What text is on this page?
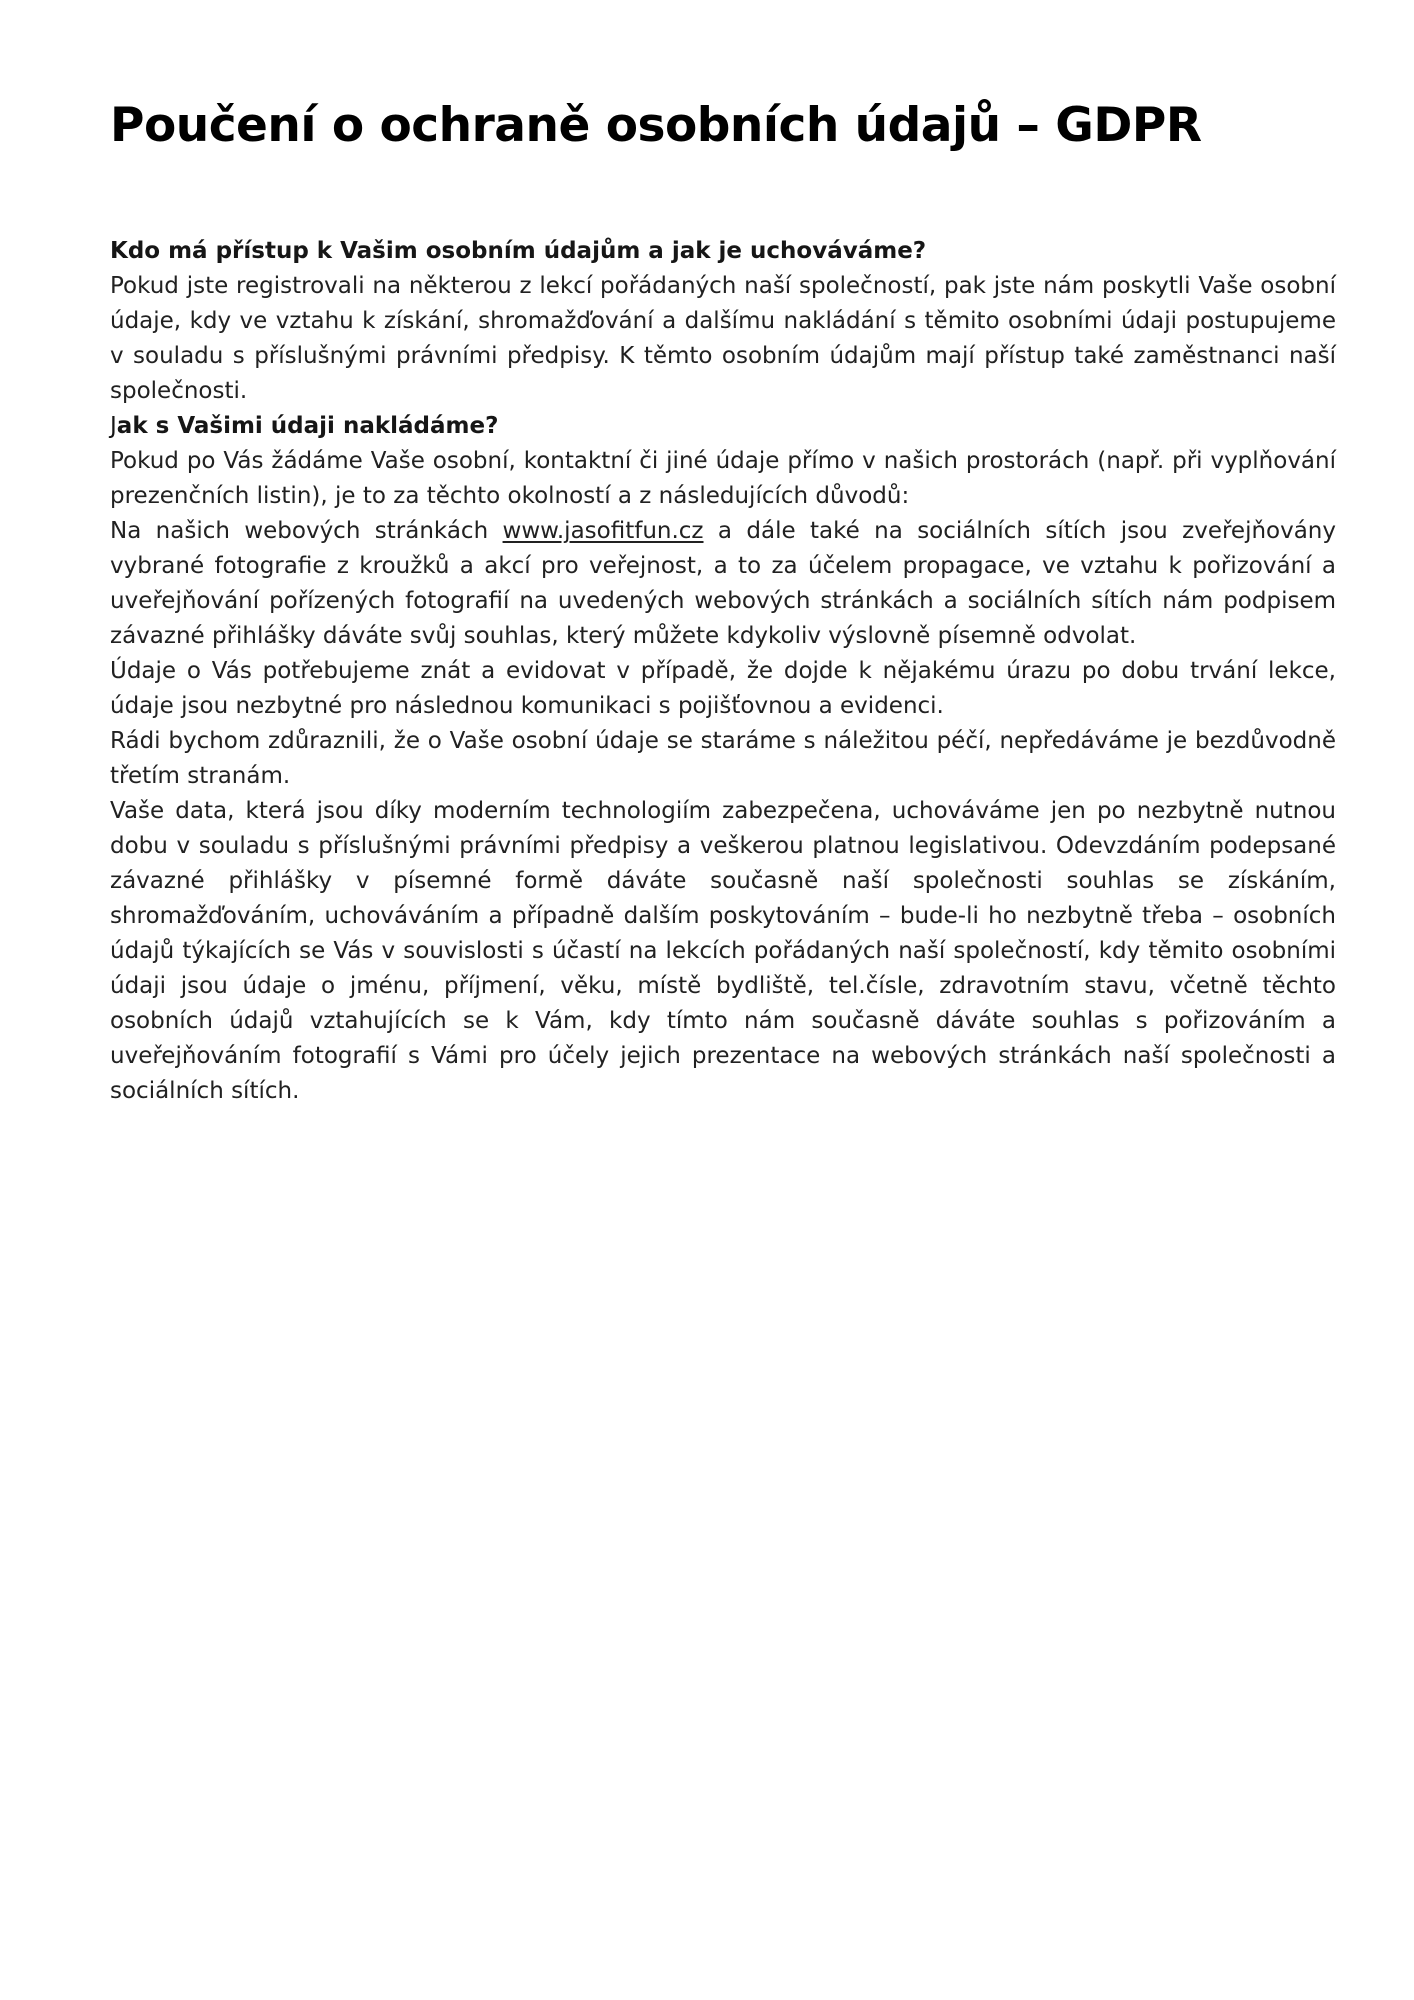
Poučení o ochraně osobních údajů – GDPR

Kdo má přístup k Vašim osobním údajům a jak je uchováváme?

Pokud jste registrovali na některou z lekcí pořádaných naší společností, pak jste nám poskytli Vaše osobní údaje, kdy ve vztahu k získání, shromažďování a dalšímu nakládání s těmito osobními údaji postupujeme v souladu s příslušnými právními předpisy. K těmto osobním údajům mají přístup také zaměstnanci naší společnosti.

Jak s Vašimi údaji nakládáme?

Pokud po Vás žádáme Vaše osobní, kontaktní či jiné údaje přímo v našich prostorách (např. při vyplňování prezenčních listin), je to za těchto okolností a z následujících důvodů:

Na našich webových stránkách www.jasofitfun.cz a dále také na sociálních sítích jsou zveřejňovány vybrané fotografie z kroužků a akcí pro veřejnost, a to za účelem propagace, ve vztahu k pořizování a uveřejňování pořízených fotografií na uvedených webových stránkách a sociálních sítích nám podpisem závazné přihlášky dáváte svůj souhlas, který můžete kdykoliv výslovně písemně odvolat.

Údaje o Vás potřebujeme znát a evidovat v případě, že dojde k nějakému úrazu po dobu trvání lekce, údaje jsou nezbytné pro následnou komunikaci s pojišťovnou a evidenci.

Rádi bychom zdůraznili, že o Vaše osobní údaje se staráme s náležitou péčí, nepředáváme je bezdůvodně třetím stranám.

Vaše data, která jsou díky moderním technologiím zabezpečena, uchováváme jen po nezbytně nutnou dobu v souladu s příslušnými právními předpisy a veškerou platnou legislativou. Odevzdáním podepsané závazné přihlášky v písemné formě dáváte současně naší společnosti souhlas se získáním, shromažďováním, uchováváním a případně dalším poskytováním – bude-li ho nezbytně třeba – osobních údajů týkajících se Vás v souvislosti s účastí na lekcích pořádaných naší společností, kdy těmito osobními údaji jsou údaje o jménu, příjmení, věku, místě bydliště, tel.čísle, zdravotním stavu, včetně těchto osobních údajů vztahujících se k Vám, kdy tímto nám současně dáváte souhlas s pořizováním a uveřejňováním fotografií s Vámi pro účely jejich prezentace na webových stránkách naší společnosti a sociálních sítích.
